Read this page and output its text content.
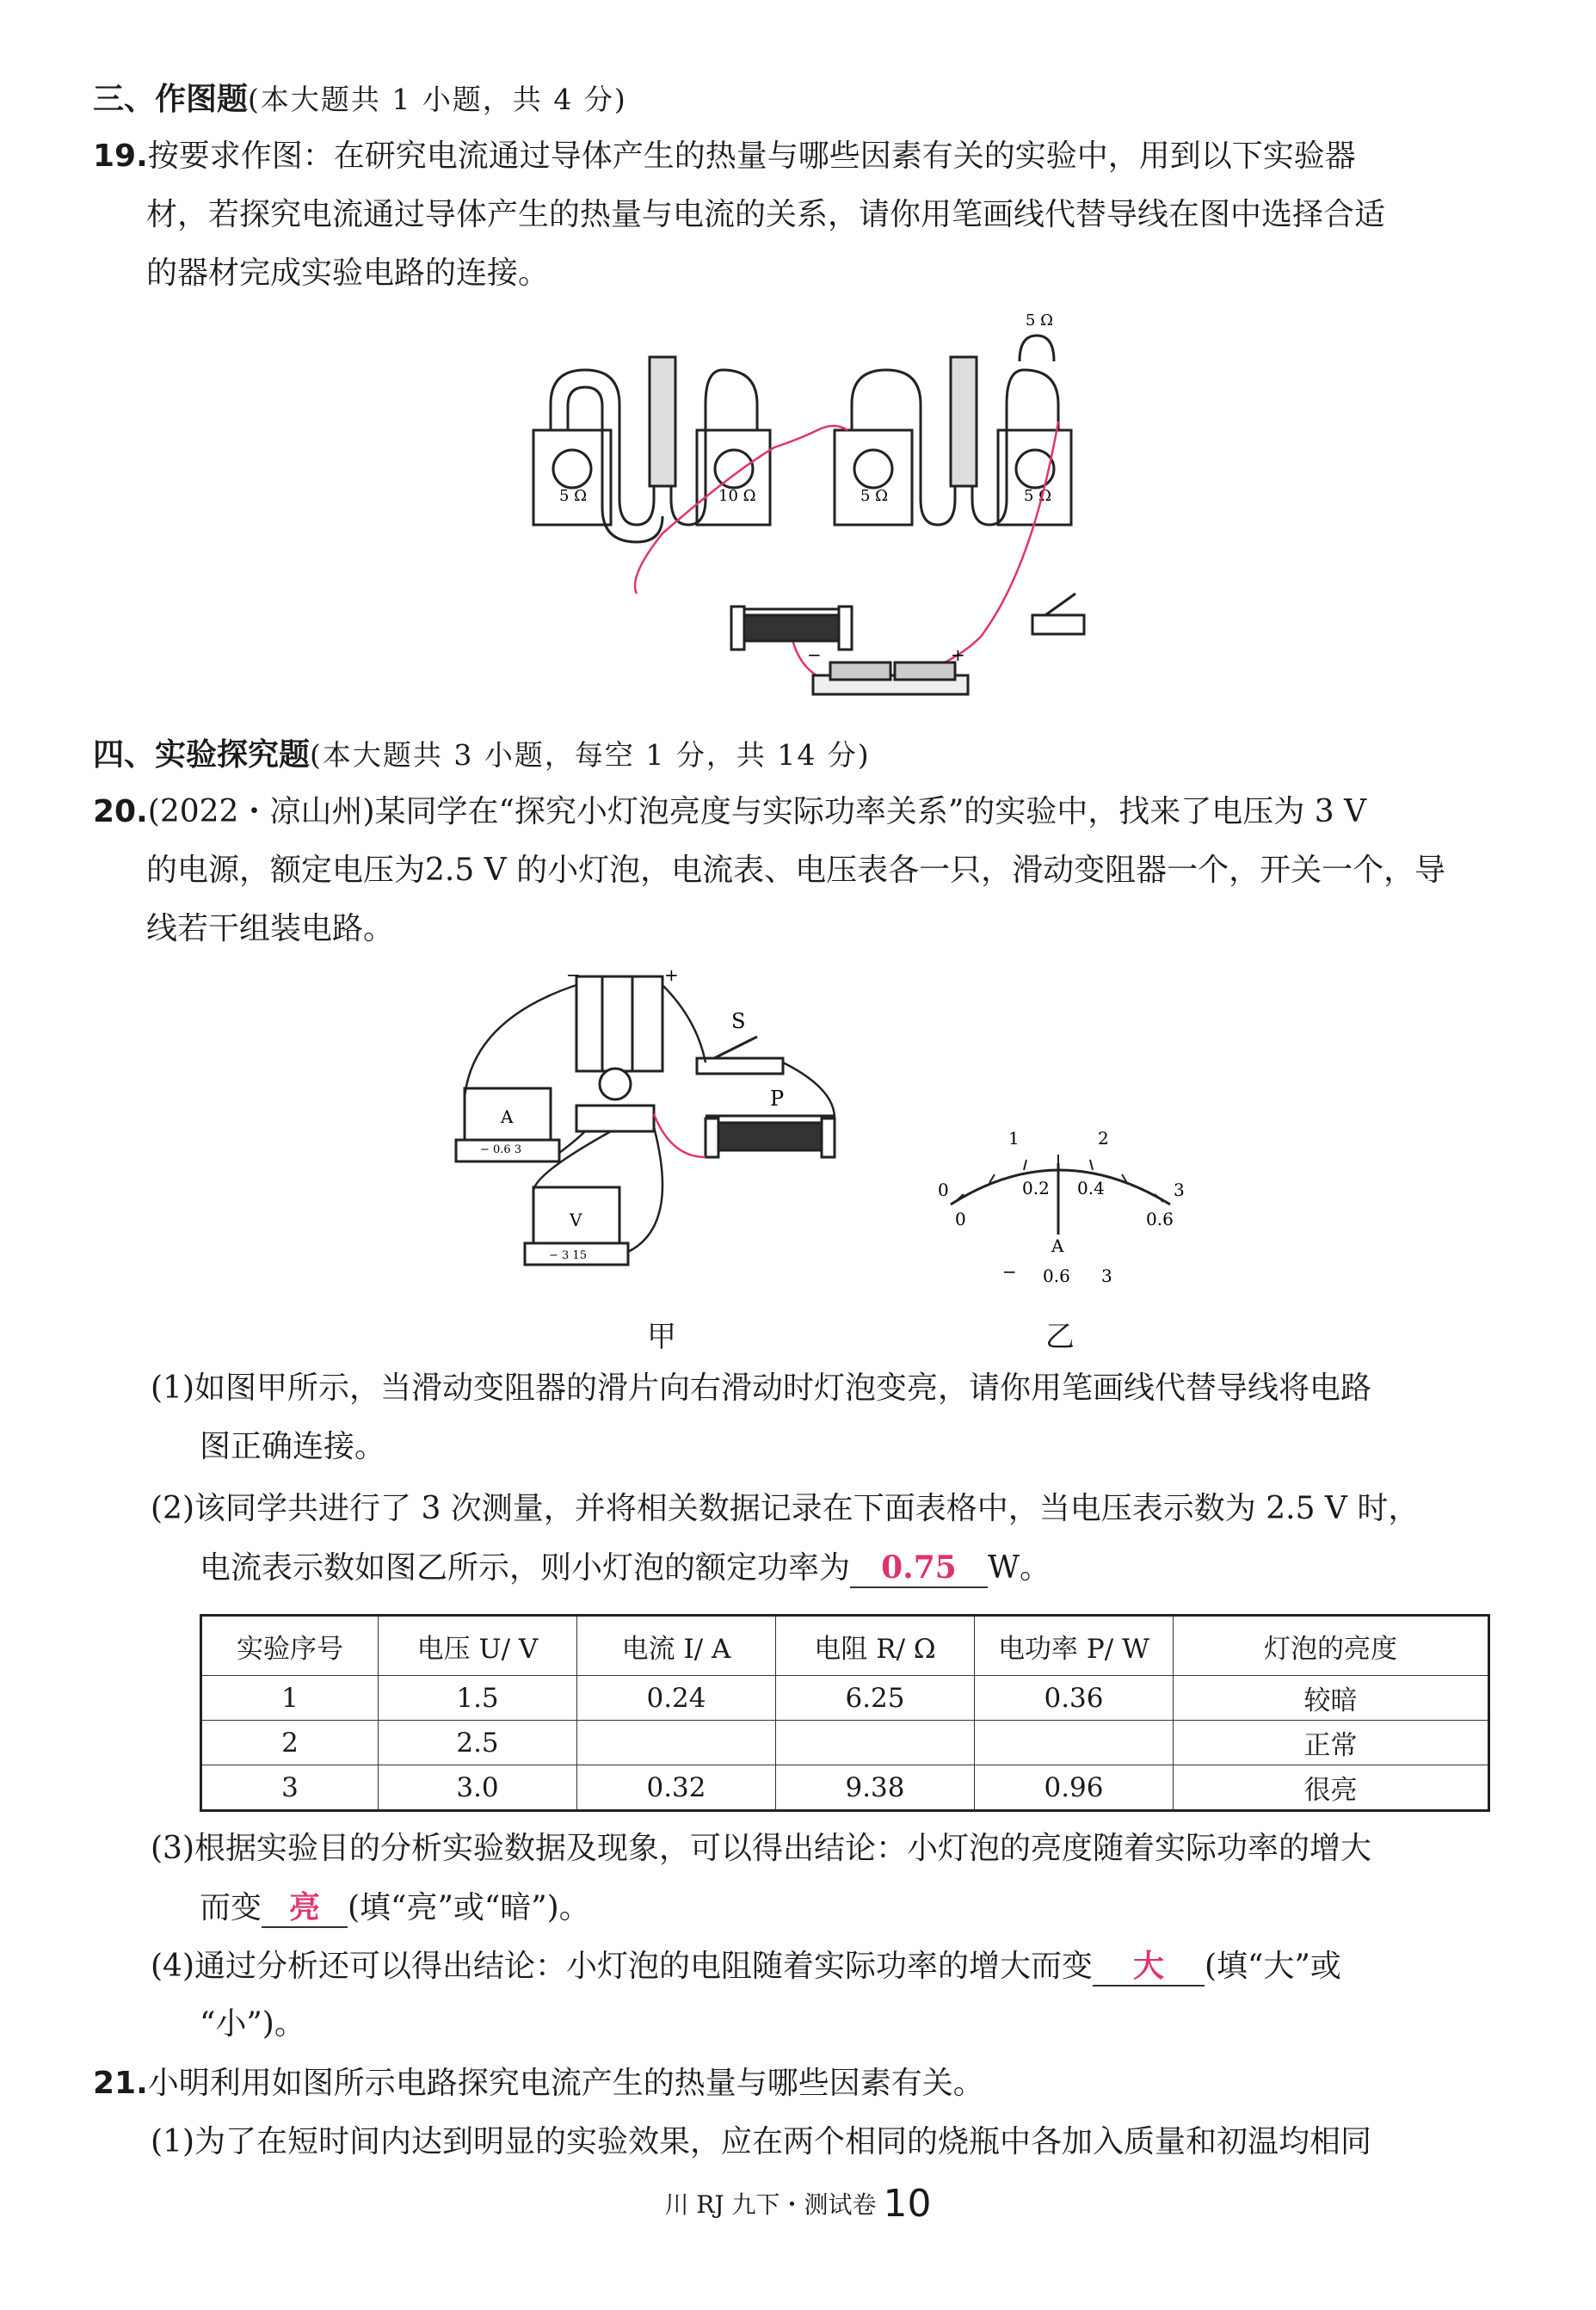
三、作图题(本大题共 1 小题，共 4 分)
19.按要求作图：在研究电流通过导体产生的热量与哪些因素有关的实验中，用到以下实验器
材，若探究电流通过导体产生的热量与电流的关系，请你用笔画线代替导线在图中选择合适
的器材完成实验电路的连接。
5 Ω	10 Ω	5 Ω	5 Ω
5 Ω
−	+
四、实验探究题(本大题共 3 小题，每空 1 分，共 14 分)
20.(2022・凉山州)某同学在“探究小灯泡亮度与实际功率关系”的实验中，找来了电压为 3 V
的电源，额定电压为2.5 V 的小灯泡，电流表、电压表各一只，滑动变阻器一个，开关一个，导
线若干组装电路。
−	+
S
A
− 0.6 3
P
V
− 3 15
甲
0
1	2
3
0
0.2 0.4
0.6
A
− 0.6 3
乙
(1)如图甲所示，当滑动变阻器的滑片向右滑动时灯泡变亮，请你用笔画线代替导线将电路
图正确连接。
(2)该同学共进行了 3 次测量，并将相关数据记录在下面表格中，当电压表示数为 2.5 V 时，
电流表示数如图乙所示，则小灯泡的额定功率为 0.75 W。
实验序号	电压 U/ V	电流 I/ A	电阻 R/ Ω	电功率 P/ W	灯泡的亮度
1	1.5	0.24	6.25	0.36	较暗
2	2.5				正常
3	3.0	0.32	9.38	0.96	很亮
(3)根据实验目的分析实验数据及现象，可以得出结论：小灯泡的亮度随着实际功率的增大
而变 亮 (填“亮”或“暗”)。
(4)通过分析还可以得出结论：小灯泡的电阻随着实际功率的增大而变 大 (填“大”或
“小”)。
21.小明利用如图所示电路探究电流产生的热量与哪些因素有关。
(1)为了在短时间内达到明显的实验效果，应在两个相同的烧瓶中各加入质量和初温均相同
川 RJ 九下・测试卷 10
